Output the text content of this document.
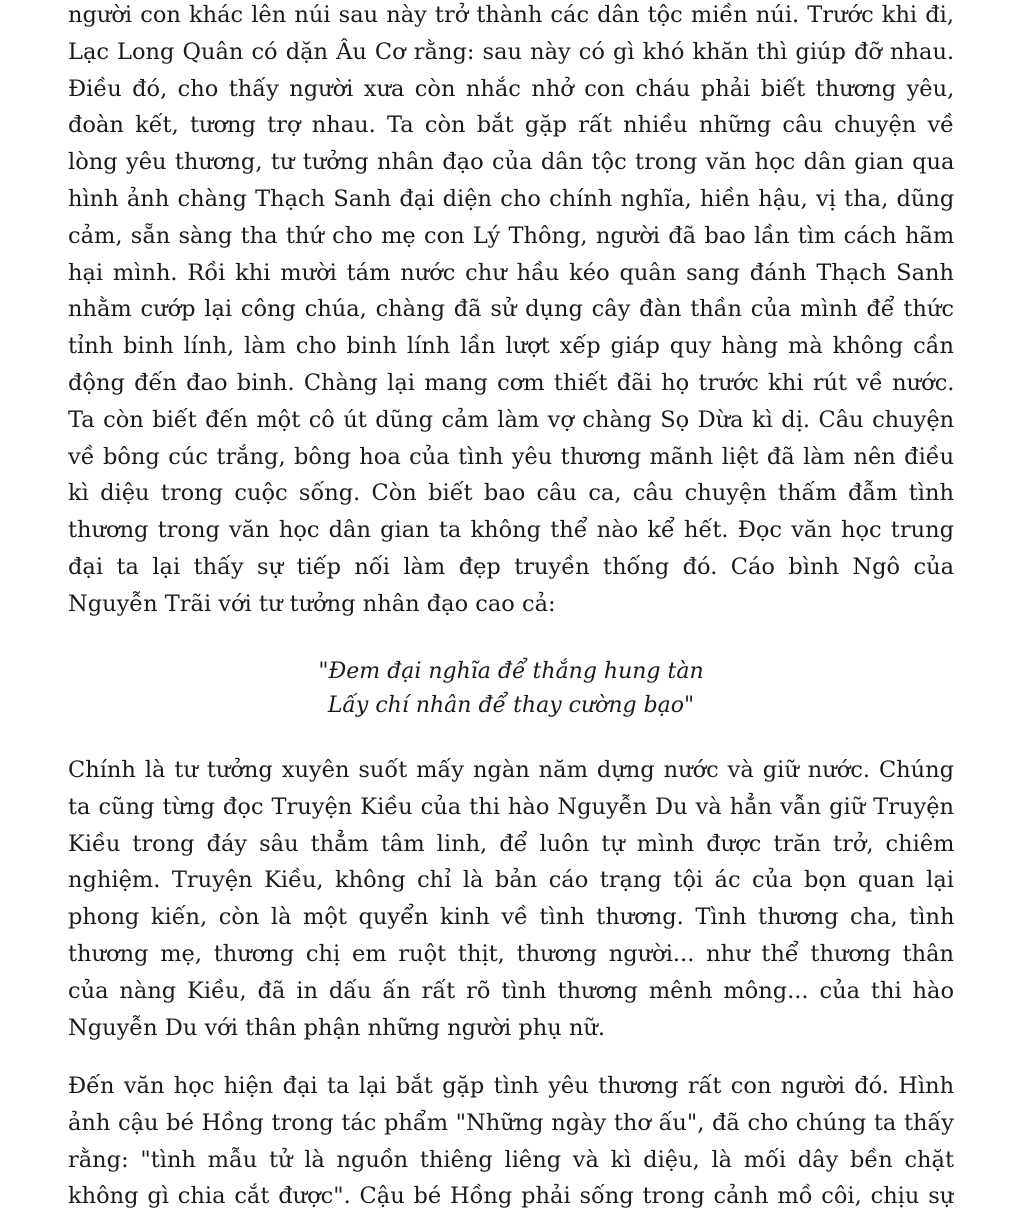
người con khác lên núi sau này trở thành các dân tộc miền núi. Trước khi đi,
Lạc Long Quân có dặn Âu Cơ rằng: sau này có gì khó khăn thì giúp đỡ nhau.
Điều đó, cho thấy người xưa còn nhắc nhở con cháu phải biết thương yêu,
đoàn kết, tương trợ nhau. Ta còn bắt gặp rất nhiều những câu chuyện về
lòng yêu thương, tư tưởng nhân đạo của dân tộc trong văn học dân gian qua
hình ảnh chàng Thạch Sanh đại diện cho chính nghĩa, hiền hậu, vị tha, dũng
cảm, sẵn sàng tha thứ cho mẹ con Lý Thông, người đã bao lần tìm cách hãm
hại mình. Rồi khi mười tám nước chư hầu kéo quân sang đánh Thạch Sanh
nhằm cướp lại công chúa, chàng đã sử dụng cây đàn thần của mình để thức
tỉnh binh lính, làm cho binh lính lần lượt xếp giáp quy hàng mà không cần
động đến đao binh. Chàng lại mang cơm thiết đãi họ trước khi rút về nước.
Ta còn biết đến một cô út dũng cảm làm vợ chàng Sọ Dừa kì dị. Câu chuyện
về bông cúc trắng, bông hoa của tình yêu thương mãnh liệt đã làm nên điều
kì diệu trong cuộc sống. Còn biết bao câu ca, câu chuyện thấm đẫm tình
thương trong văn học dân gian ta không thể nào kể hết. Đọc văn học trung
đại ta lại thấy sự tiếp nối làm đẹp truyền thống đó. Cáo bình Ngô của
Nguyễn Trãi với tư tưởng nhân đạo cao cả:
"Đem đại nghĩa để thắng hung tàn
Lấy chí nhân để thay cường bạo"
Chính là tư tưởng xuyên suốt mấy ngàn năm dựng nước và giữ nước. Chúng
ta cũng từng đọc Truyện Kiều của thi hào Nguyễn Du và hẳn vẫn giữ Truyện
Kiều trong đáy sâu thẳm tâm linh, để luôn tự mình được trăn trở, chiêm
nghiệm. Truyện Kiều, không chỉ là bản cáo trạng tội ác của bọn quan lại
phong kiến, còn là một quyển kinh về tình thương. Tình thương cha, tình
thương mẹ, thương chị em ruột thịt, thương người... như thể thương thân
của nàng Kiều, đã in dấu ấn rất rõ tình thương mênh mông... của thi hào
Nguyễn Du với thân phận những người phụ nữ.
Đến văn học hiện đại ta lại bắt gặp tình yêu thương rất con người đó. Hình
ảnh cậu bé Hồng trong tác phẩm "Những ngày thơ ấu", đã cho chúng ta thấy
rằng: "tình mẫu tử là nguồn thiêng liêng và kì diệu, là mối dây bền chặt
không gì chia cắt được". Cậu bé Hồng phải sống trong cảnh mồ côi, chịu sự
